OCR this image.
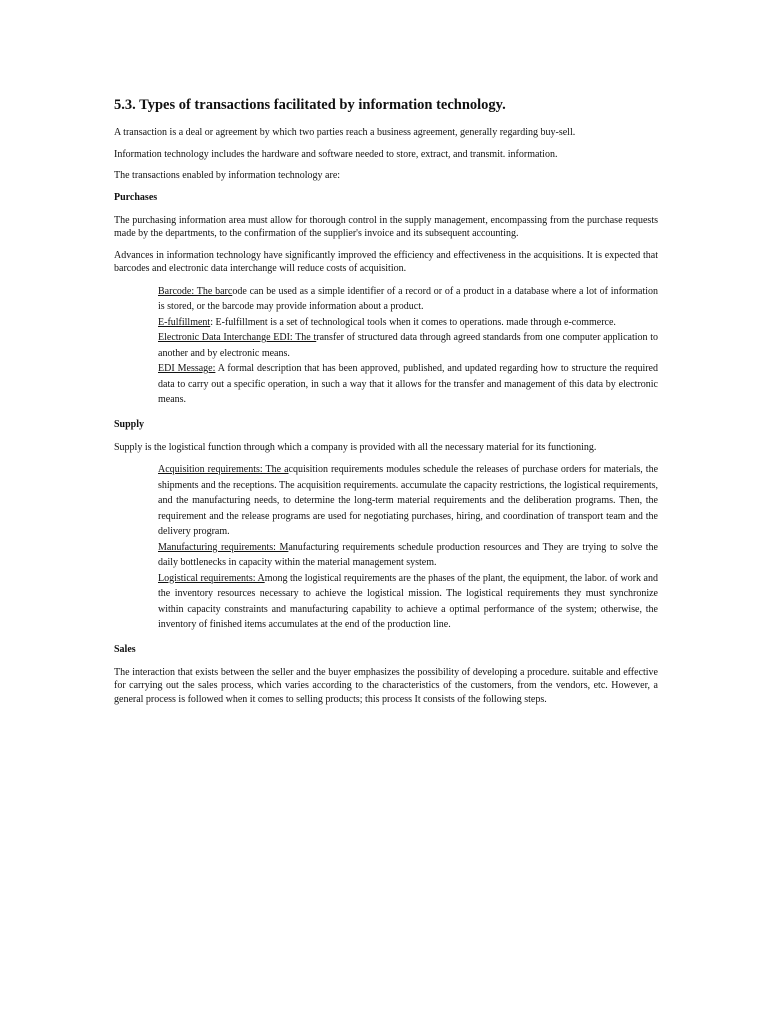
5.3. Types of transactions facilitated by information technology.

A transaction is a deal or agreement by which two parties reach a business agreement, generally regarding buy-sell.

Information technology includes the hardware and software needed to store, extract, and transmit. information.

The transactions enabled by information technology are:

Purchases

The purchasing information area must allow for thorough control in the supply management, encompassing from the purchase requests made by the departments, to the confirmation of the supplier's invoice and its subsequent accounting.

Advances in information technology have significantly improved the efficiency and effectiveness in the acquisitions. It is expected that barcodes and electronic data interchange will reduce costs of acquisition.

Barcode: The barcode can be used as a simple identifier of a record or of a product in a database where a lot of information is stored, or the barcode may provide information about a product.
E-fulfillment: E-fulfillment is a set of technological tools when it comes to operations. made through e-commerce.
Electronic Data Interchange EDI: The transfer of structured data through agreed standards from one computer application to another and by electronic means.
EDI Message: A formal description that has been approved, published, and updated regarding how to structure the required data to carry out a specific operation, in such a way that it allows for the transfer and management of this data by electronic means.
Supply

Supply is the logistical function through which a company is provided with all the necessary material for its functioning.

Acquisition requirements: The acquisition requirements modules schedule the releases of purchase orders for materials, the shipments and the receptions. The acquisition requirements. accumulate the capacity restrictions, the logistical requirements, and the manufacturing needs, to determine the long-term material requirements and the deliberation programs. Then, the requirement and the release programs are used for negotiating purchases, hiring, and coordination of transport team and the delivery program.
Manufacturing requirements: Manufacturing requirements schedule production resources and They are trying to solve the daily bottlenecks in capacity within the material management system.
Logistical requirements: Among the logistical requirements are the phases of the plant, the equipment, the labor. of work and the inventory resources necessary to achieve the logistical mission. The logistical requirements they must synchronize within capacity constraints and manufacturing capability to achieve a optimal performance of the system; otherwise, the inventory of finished items accumulates at the end of the production line.
Sales

The interaction that exists between the seller and the buyer emphasizes the possibility of developing a procedure. suitable and effective for carrying out the sales process, which varies according to the characteristics of the customers, from the vendors, etc. However, a general process is followed when it comes to selling products; this process It consists of the following steps.
